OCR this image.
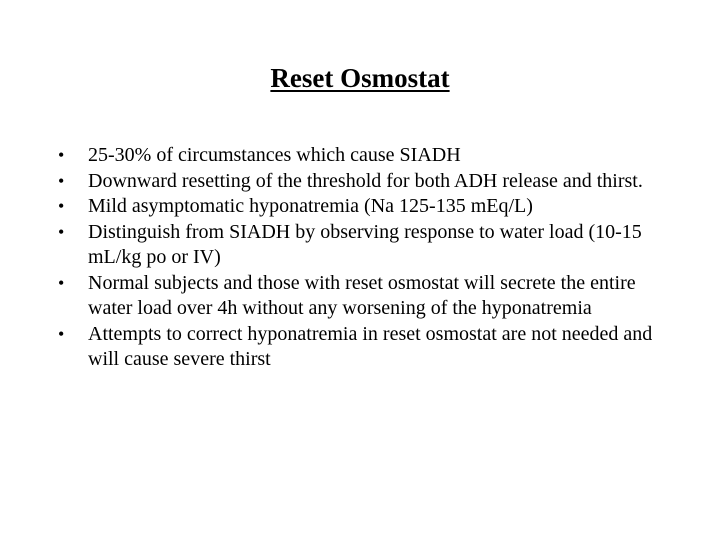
Reset Osmostat
•	25-30% of circumstances which cause SIADH
•	Downward resetting of the threshold for both ADH release and thirst.
•	Mild asymptomatic hyponatremia (Na 125-135 mEq/L)
•	Distinguish from SIADH by observing response to water load (10-15 mL/kg po or IV)
•	Normal subjects and those with reset osmostat will secrete the entire water load over 4h without any worsening of the hyponatremia
•	Attempts to correct hyponatremia in reset osmostat are not needed and will cause severe thirst
